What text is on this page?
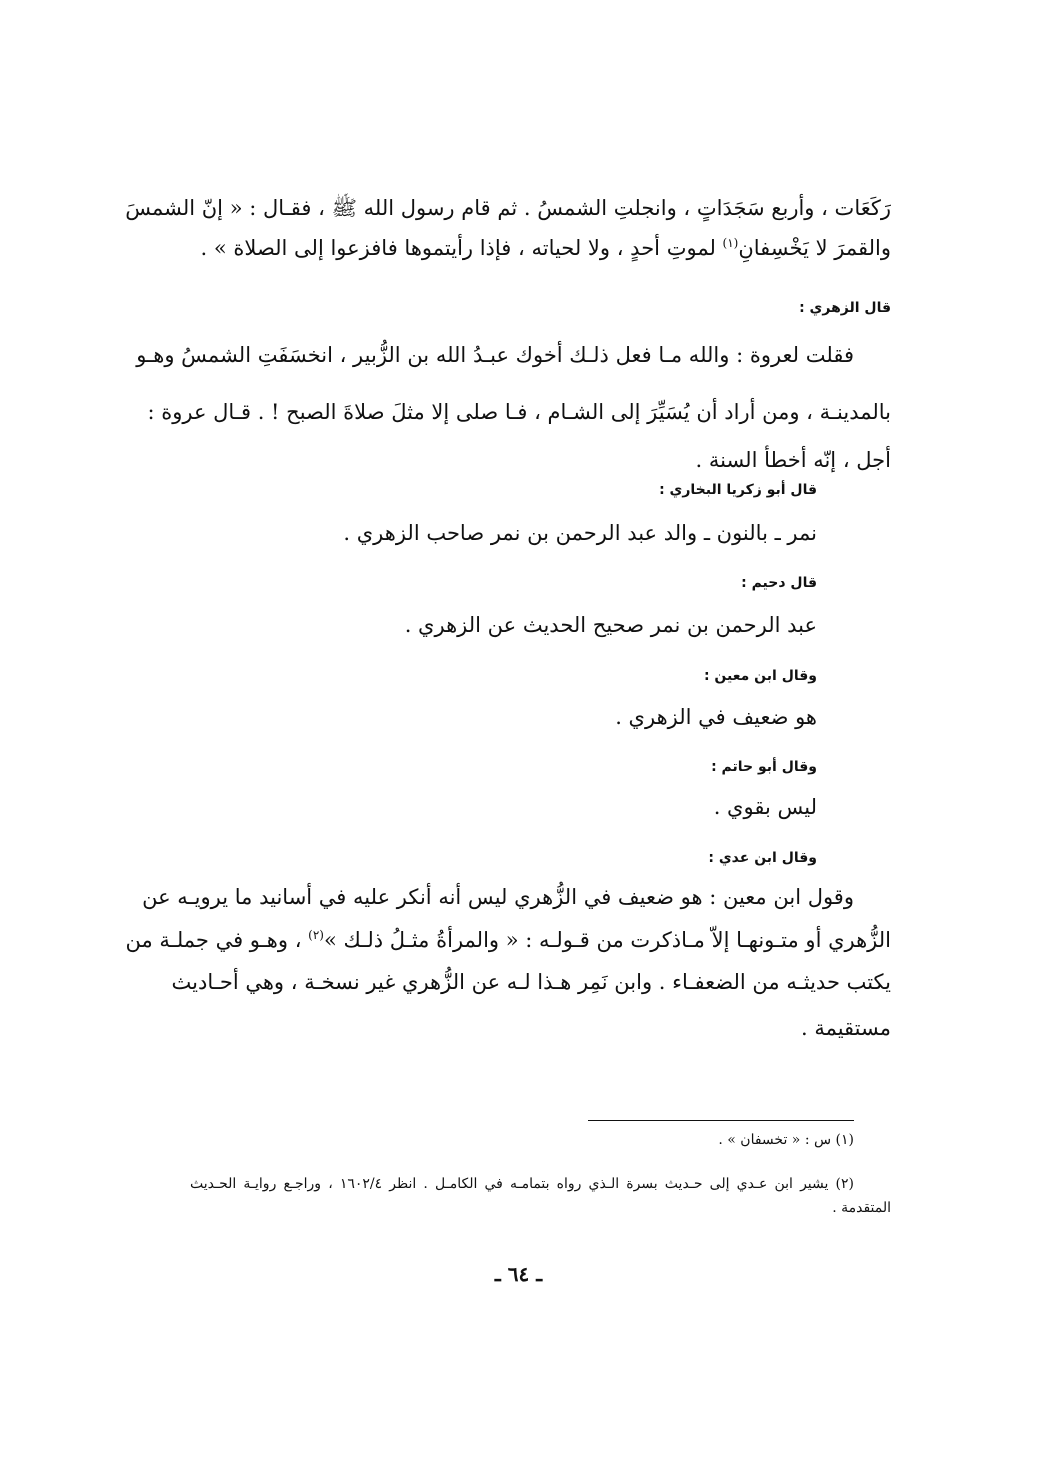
رَكَعَات ، وأربع سَجَدَاتٍ ، وانجلتِ الشمسُ . ثم قام رسول الله ﷺ ، فقـال : « إنّ الشمسَ
والقمرَ لا يَخْسِفانِ$^{(١)}$ لموتِ أحدٍ ، ولا لحياته ، فإذا رأيتموها فافزعوا إلى الصلاة » .
قال الزهري :
فقلت لعروة : والله مـا فعل ذلـك أخوك عبـدُ الله بن الزُّبير ، انخسَفَتِ الشمسُ وهـو
بالمدينـة ، ومن أراد أن يُسَيِّرَ إلى الشـام ، فـا صلى إلا مثلَ صلاةَ الصبح ! . قـال عروة :
أجل ، إنّه أخطأ السنة .
قال أبو زكريا البخاري :
نمر ـ بالنون ـ والد عبد الرحمن بن نمر صاحب الزهري .
قال دحيم :
عبد الرحمن بن نمر صحيح الحديث عن الزهري .
وقال ابن معين :
هو ضعيف في الزهري .
وقال أبو حاتم :
ليس بقوي .
وقال ابن عدي :
وقول ابن معين : هو ضعيف في الزُّهري ليس أنه أنكر عليه في أسانيد ما يرويـه عن
الزُّهري أو متـونهـا إلاّ مـاذكرت من قـولـه : « والمرأةُ مثـلُ ذلـك »$^{(٢)}$ ، وهـو في جملـة من
يكتب حديثـه من الضعفـاء . وابن نَمِر هـذا لـه عن الزُّهري غير نسخـة ، وهي أحـاديث
مستقيمة .
(١) س : « تخسفان » .
(٢) يشير ابن عـدي إلى حـديث بسرة الـذي رواه بتمامـه في الكامـل . انظر ١٦٠٢/٤ ، وراجـع روايـة الحـديث
المتقدمة .
ـ ٦٤ ـ
